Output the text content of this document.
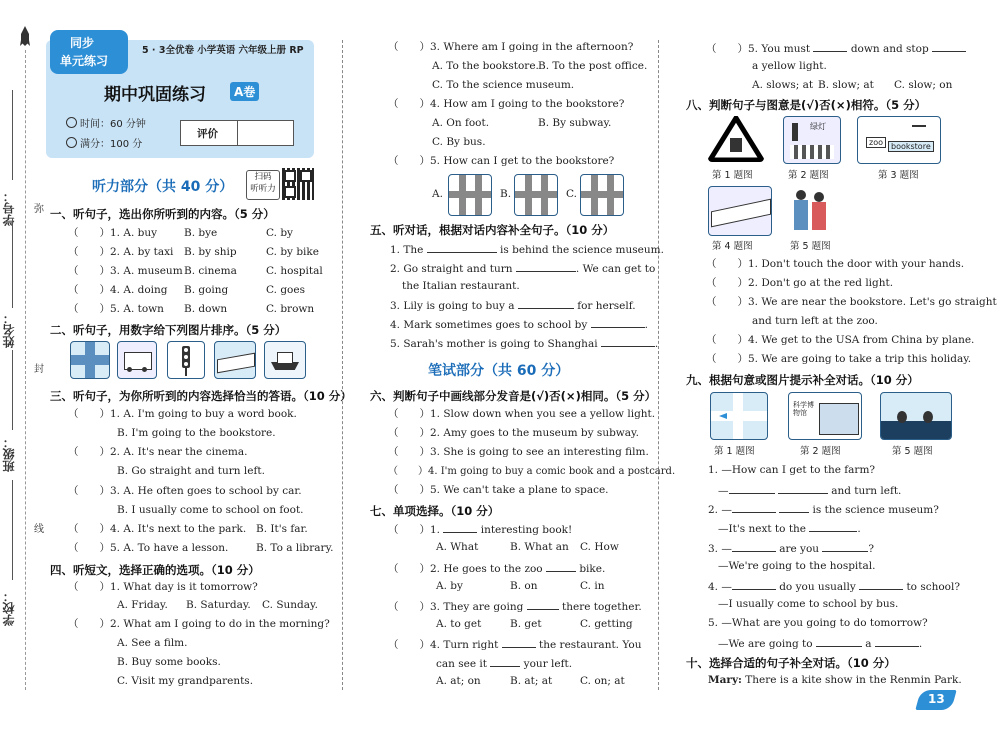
学号： 弥
姓名：
封
班级：
线
学校：
同步
单元练习
5 · 3全优卷 小学英语 六年级上册 RP
期中巩固练习	A卷
时间：60 分钟
满分：100 分
评价
听力部分（共 40 分）
扫码
听听力
一、听句子，选出你所听到的内容。（5 分）
（　　）1. A. buy	B. bye	C. by
（　　）2. A. by taxi B. by ship	C. by bike
（　　）3. A. museum B. cinema	C. hospital
（　　）4. A. doing B. going	C. goes
（　　）5. A. town B. down	C. brown
二、听句子，用数字给下列图片排序。（5 分）
三、听句子，为你所听到的内容选择恰当的答语。（10 分）
（　　）1. A. I'm going to buy a word book.
B. I'm going to the bookstore.
（　　）2. A. It's near the cinema.
B. Go straight and turn left.
（　　）3. A. He often goes to school by car.
B. I usually come to school on foot.
（　　）4. A. It's next to the park. B. It's far.
（　　）5. A. To have a lesson.	B. To a library.
四、听短文，选择正确的选项。（10 分）
（　　）1. What day is it tomorrow?
A. Friday. B. Saturday. C. Sunday.
（　　）2. What am I going to do in the morning?
A. See a film.
B. Buy some books.
C. Visit my grandparents.
（　　）3. Where am I going in the afternoon?
A. To the bookstore. B. To the post office.
C. To the science museum.
（　　）4. How am I going to the bookstore?
A. On foot.	B. By subway.
C. By bus.
（　　）5. How can I get to the bookstore?
A.	B.	C.
五、听对话，根据对话内容补全句子。（10 分）
1. The	is behind the science museum.
2. Go straight and turn	. We can get to
the Italian restaurant.
3. Lily is going to buy a	for herself.
4. Mark sometimes goes to school by	.
5. Sarah's mother is going to Shanghai	.
笔试部分（共 60 分）
六、判断句子中画线部分发音是(√)否(×)相同。（5 分）
（　　）1. Slow down when you see a yellow light.
（　　）2. Amy goes to the museum by subway.
（　　）3. She is going to see an interesting film.
（　　）4. I'm going to buy a comic book and a postcard.
（　　）5. We can't take a plane to space.
七、单项选择。（10 分）
（　　）1.	interesting book!
A. What	B. What an C. How
（　　）2. He goes to the zoo	bike.
A. by	B. on	C. in
（　　）3. They are going	there together.
A. to get	B. get	C. getting
（　　）4. Turn right	the restaurant. You
can see it	your left.
A. at; on	B. at; at	C. on; at
（　　）5. You must	down and stop
a yellow light.
A. slows; at B. slow; at C. slow; on
八、判断句子与图意是(√)否(×)相符。（5 分）
第 1 题图
绿灯
第 2 题图
zoo	bookstore
第 3 题图
第 4 题图	第 5 题图
（　　）1. Don't touch the door with your hands.
（　　）2. Don't go at the red light.
（　　）3. We are near the bookstore. Let's go straight
and turn left at the zoo.
（　　）4. We get to the USA from China by plane.
（　　）5. We are going to take a trip this holiday.
九、根据句意或图片提示补全对话。（10 分）
第 1 题图
科学博物馆
第 2 题图	第 5 题图
1. —How can I get to the farm?
—	and turn left.
2. —	is the science museum?
—It's next to the	.
3. —	are you	?
—We're going to the hospital.
4. —	do you usually	to school?
—I usually come to school by bus.
5. —What are you going to do tomorrow?
—We are going to	a	.
十、选择合适的句子补全对话。（10 分）
Mary: There is a kite show in the Renmin Park.
13
